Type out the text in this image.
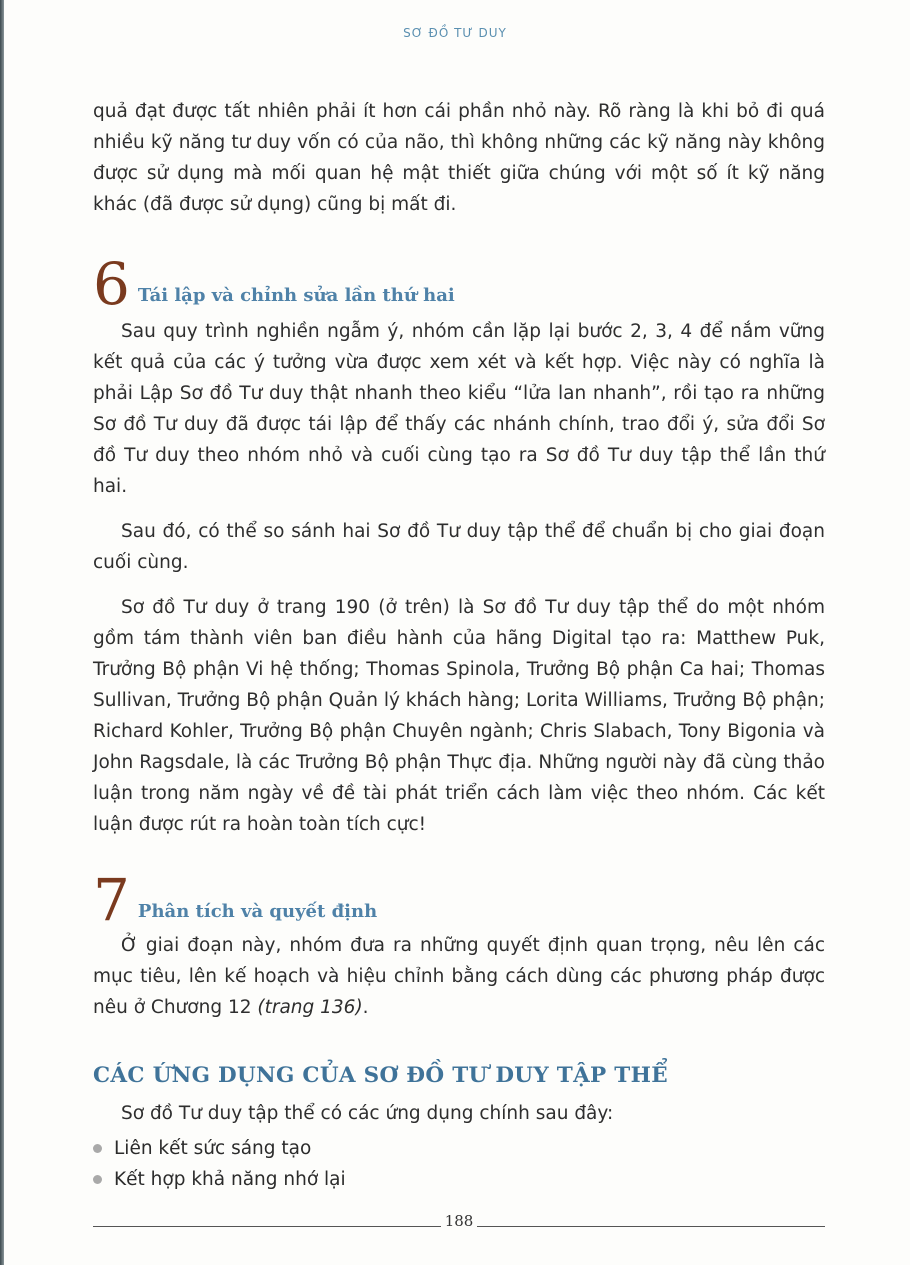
SƠ ĐỒ TƯ DUY

quả đạt được tất nhiên phải ít hơn cái phần nhỏ này. Rõ ràng là khi bỏ đi quá nhiều kỹ năng tư duy vốn có của não, thì không những các kỹ năng này không được sử dụng mà mối quan hệ mật thiết giữa chúng với một số ít kỹ năng khác (đã được sử dụng) cũng bị mất đi.

6 Tái lập và chỉnh sửa lần thứ hai

Sau quy trình nghiền ngẫm ý, nhóm cần lặp lại bước 2, 3, 4 để nắm vững kết quả của các ý tưởng vừa được xem xét và kết hợp. Việc này có nghĩa là phải Lập Sơ đồ Tư duy thật nhanh theo kiểu “lửa lan nhanh”, rồi tạo ra những Sơ đồ Tư duy đã được tái lập để thấy các nhánh chính, trao đổi ý, sửa đổi Sơ đồ Tư duy theo nhóm nhỏ và cuối cùng tạo ra Sơ đồ Tư duy tập thể lần thứ hai.

Sau đó, có thể so sánh hai Sơ đồ Tư duy tập thể để chuẩn bị cho giai đoạn cuối cùng.

Sơ đồ Tư duy ở trang 190 (ở trên) là Sơ đồ Tư duy tập thể do một nhóm gồm tám thành viên ban điều hành của hãng Digital tạo ra: Matthew Puk, Trưởng Bộ phận Vi hệ thống; Thomas Spinola, Trưởng Bộ phận Ca hai; Thomas Sullivan, Trưởng Bộ phận Quản lý khách hàng; Lorita Williams, Trưởng Bộ phận; Richard Kohler, Trưởng Bộ phận Chuyên ngành; Chris Slabach, Tony Bigonia và John Ragsdale, là các Trưởng Bộ phận Thực địa. Những người này đã cùng thảo luận trong năm ngày về đề tài phát triển cách làm việc theo nhóm. Các kết luận được rút ra hoàn toàn tích cực!

7 Phân tích và quyết định

Ở giai đoạn này, nhóm đưa ra những quyết định quan trọng, nêu lên các mục tiêu, lên kế hoạch và hiệu chỉnh bằng cách dùng các phương pháp được nêu ở Chương 12 (trang 136).

CÁC ỨNG DỤNG CỦA SƠ ĐỒ TƯ DUY TẬP THỂ

Sơ đồ Tư duy tập thể có các ứng dụng chính sau đây:

Liên kết sức sáng tạo
Kết hợp khả năng nhớ lại
188
